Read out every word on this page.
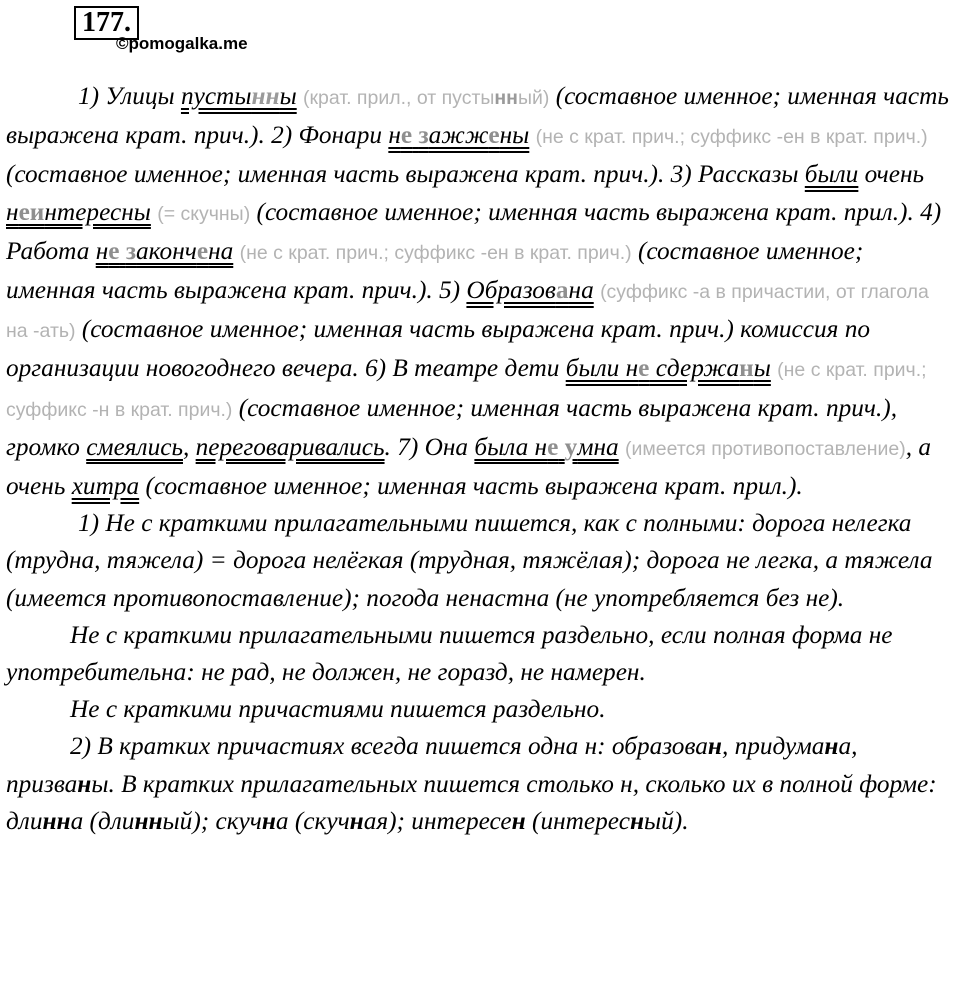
177.
©pomogalka.me

1) Улицы пустынны (крат. прил., от пустынный) (составное именное; именная часть выражена крат. прич.). 2) Фонари не зажжены (не с крат. прич.; суффикс -ен в крат. прич.) (составное именное; именная часть выражена крат. прич.). 3) Рассказы были очень неинтересны (= скучны) (составное именное; именная часть выражена крат. прил.). 4) Работа не закончена (не с крат. прич.; суффикс -ен в крат. прич.) (составное именное; именная часть выражена крат. прич.). 5) Образована (суффикс -а в причастии, от глагола на -ать) (составное именное; именная часть выражена крат. прич.) комиссия по организации новогоднего вечера. 6) В театре дети были не сдержаны (не с крат. прич.; суффикс -н в крат. прич.) (составное именное; именная часть выражена крат. прич.), громко смеялись, переговаривались. 7) Она была не умна (имеется противопоставление), а очень хитра (составное именное; именная часть выражена крат. прил.).

1) Не с краткими прилагательными пишется, как с полными: дорога нелегка (трудна, тяжела) = дорога нелёгкая (трудная, тяжёлая); дорога не легка, а тяжела (имеется противопоставление); погода ненастна (не употребляется без не).

Не с краткими прилагательными пишется раздельно, если полная форма не употребительна: не рад, не должен, не горазд, не намерен.

Не с краткими причастиями пишется раздельно.

2) В кратких причастиях всегда пишется одна н: образован, придумана, призваны. В кратких прилагательных пишется столько н, сколько их в полной форме: длинна (длинный); скучна (скучная); интересен (интересный).
